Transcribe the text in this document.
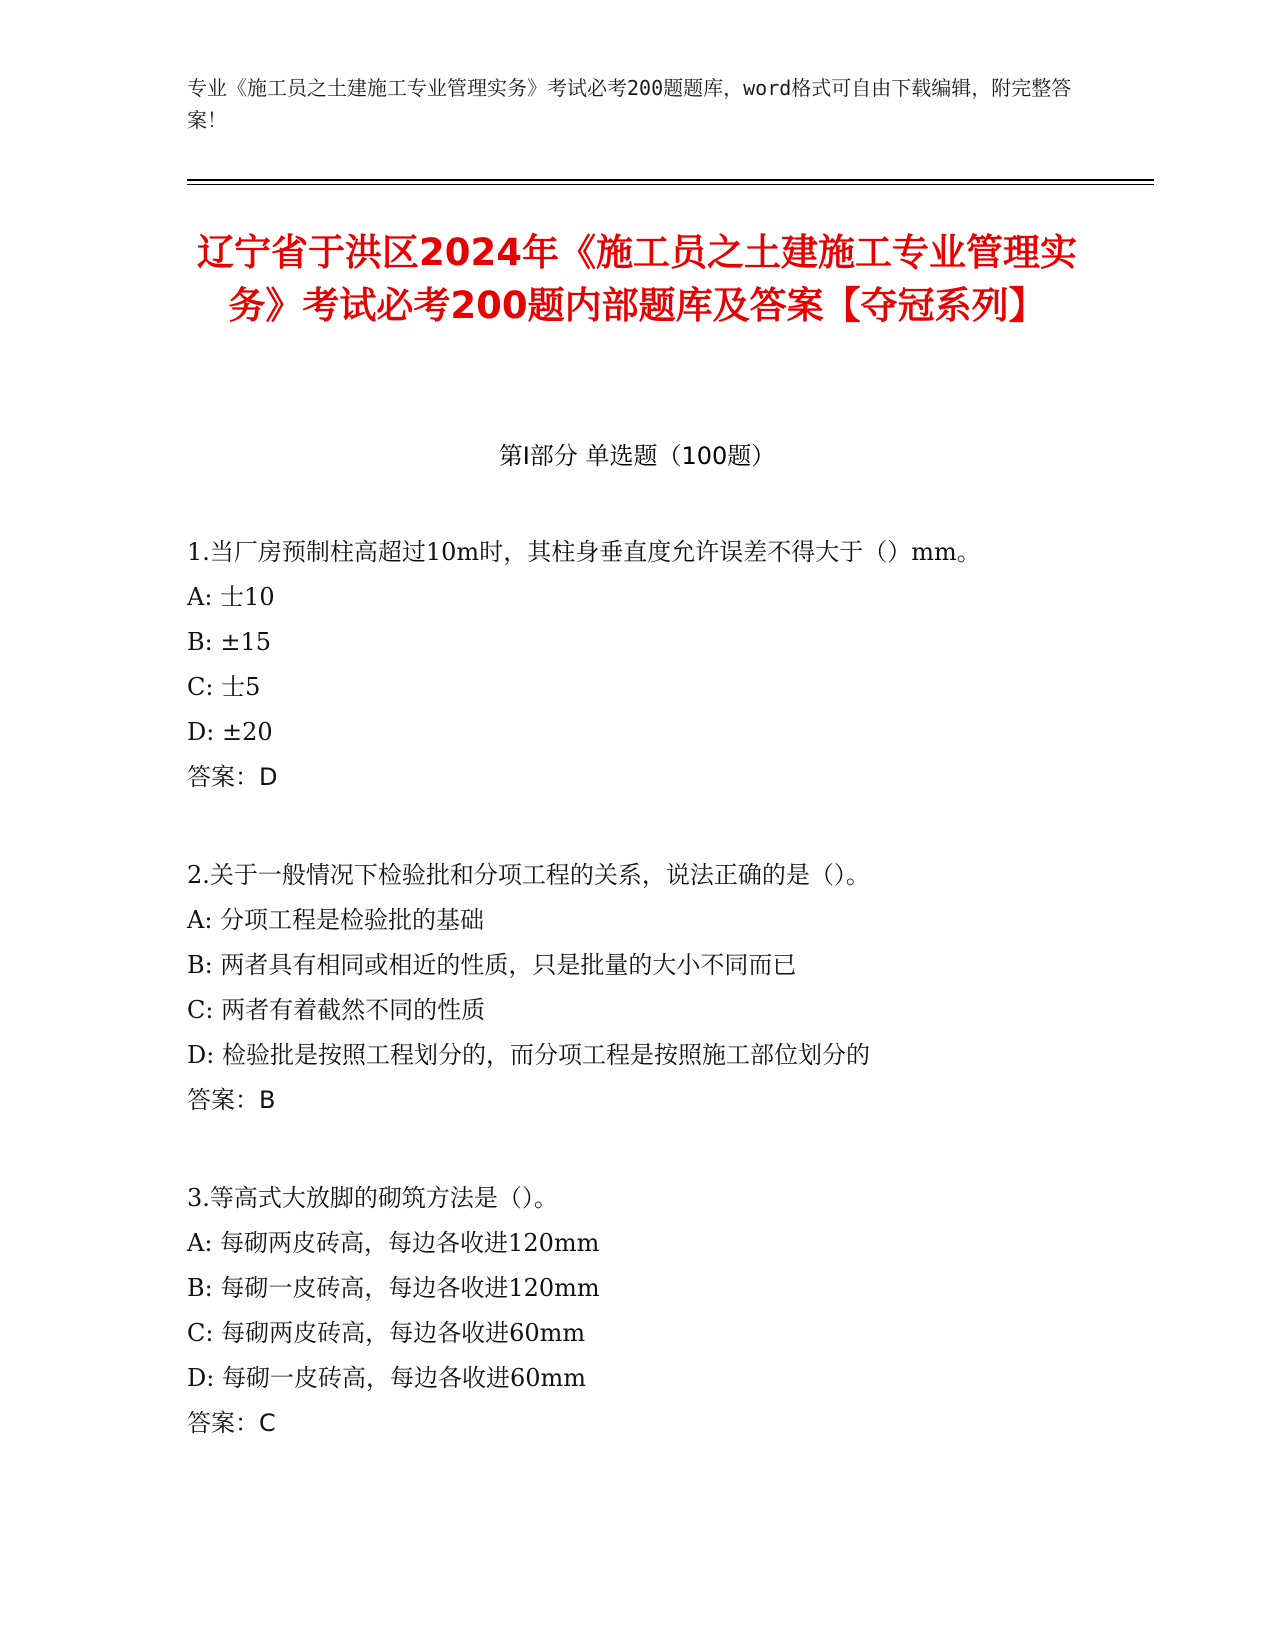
专业《施工员之土建施工专业管理实务》考试必考200题题库，word格式可自由下载编辑，附完整答案！
辽宁省于洪区2024年《施工员之土建施工专业管理实务》考试必考200题内部题库及答案【夺冠系列】
第Ⅰ部分 单选题（100题）

1.当厂房预制柱高超过10m时，其柱身垂直度允许误差不得大于（）mm。

A: 士10

B: ±15

C: 士5

D: ±20

答案：D

2.关于一般情况下检验批和分项工程的关系，说法正确的是（）。

A: 分项工程是检验批的基础

B: 两者具有相同或相近的性质，只是批量的大小不同而已

C: 两者有着截然不同的性质

D: 检验批是按照工程划分的，而分项工程是按照施工部位划分的

答案：B

3.等高式大放脚的砌筑方法是（）。

A: 每砌两皮砖高，每边各收进120mm

B: 每砌一皮砖高，每边各收进120mm

C: 每砌两皮砖高，每边各收进60mm

D: 每砌一皮砖高，每边各收进60mm

答案：C
